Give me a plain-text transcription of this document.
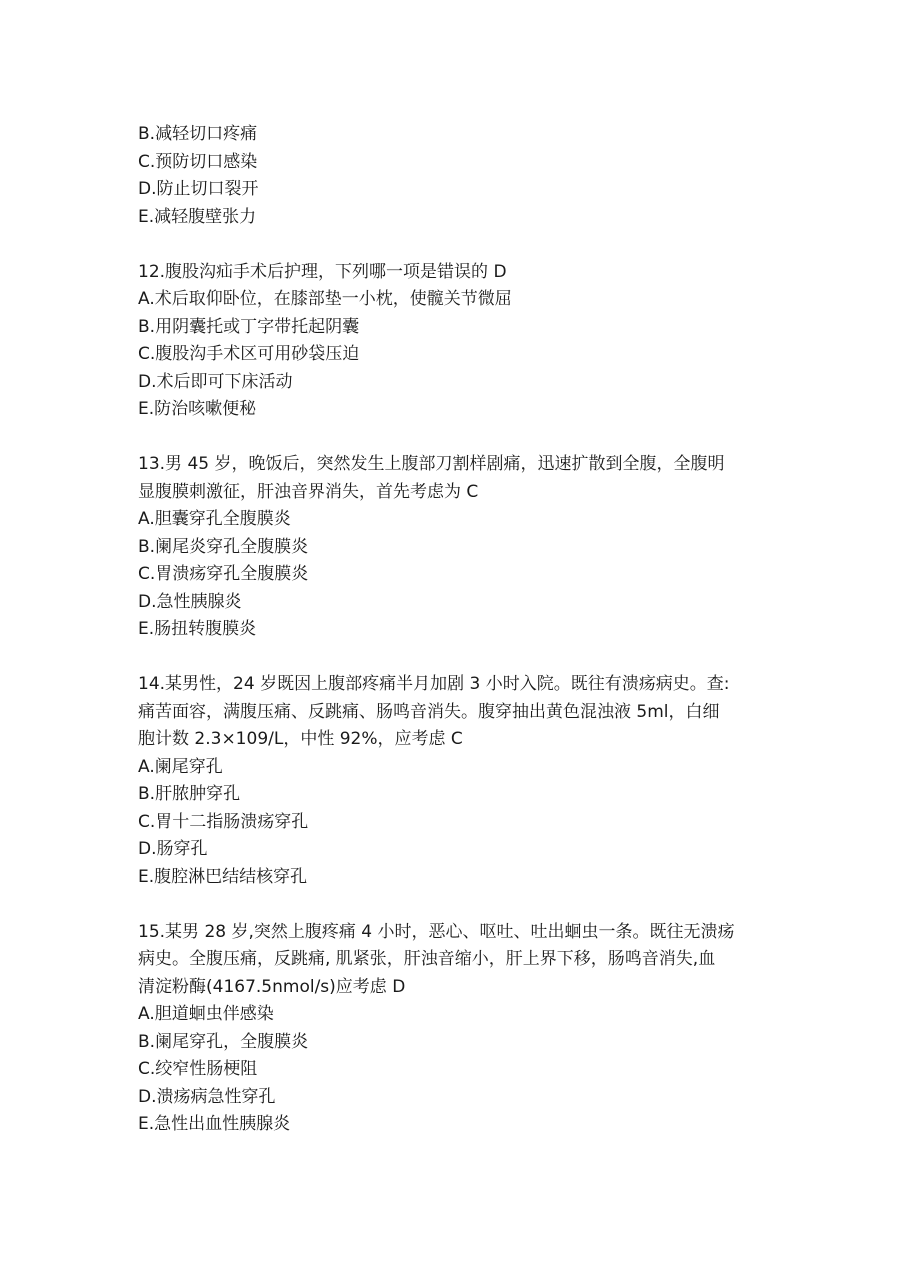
B.减轻切口疼痛

C.预防切口感染

D.防止切口裂开

E.减轻腹壁张力

12.腹股沟疝手术后护理，下列哪一项是错误的 D

A.术后取仰卧位，在膝部垫一小枕，使髋关节微屈

B.用阴囊托或丁字带托起阴囊

C.腹股沟手术区可用砂袋压迫

D.术后即可下床活动

E.防治咳嗽便秘

13.男 45 岁，晚饭后，突然发生上腹部刀割样剧痛，迅速扩散到全腹，全腹明

显腹膜刺激征，肝浊音界消失，首先考虑为 C

A.胆囊穿孔全腹膜炎

B.阑尾炎穿孔全腹膜炎

C.胃溃疡穿孔全腹膜炎

D.急性胰腺炎

E.肠扭转腹膜炎

14.某男性，24 岁既因上腹部疼痛半月加剧 3 小时入院。既往有溃疡病史。查:

痛苦面容，满腹压痛、反跳痛、肠鸣音消失。腹穿抽出黄色混浊液 5ml，白细

胞计数 2.3×109/L，中性 92%，应考虑 C

A.阑尾穿孔

B.肝脓肿穿孔

C.胃十二指肠溃疡穿孔

D.肠穿孔

E.腹腔淋巴结结核穿孔

15.某男 28 岁,突然上腹疼痛 4 小时，恶心、呕吐、吐出蛔虫一条。既往无溃疡

病史。全腹压痛，反跳痛, 肌紧张，肝浊音缩小，肝上界下移，肠鸣音消失,血

清淀粉酶(4167.5nmol/s)应考虑 D

A.胆道蛔虫伴感染

B.阑尾穿孔，全腹膜炎

C.绞窄性肠梗阻

D.溃疡病急性穿孔

E.急性出血性胰腺炎
